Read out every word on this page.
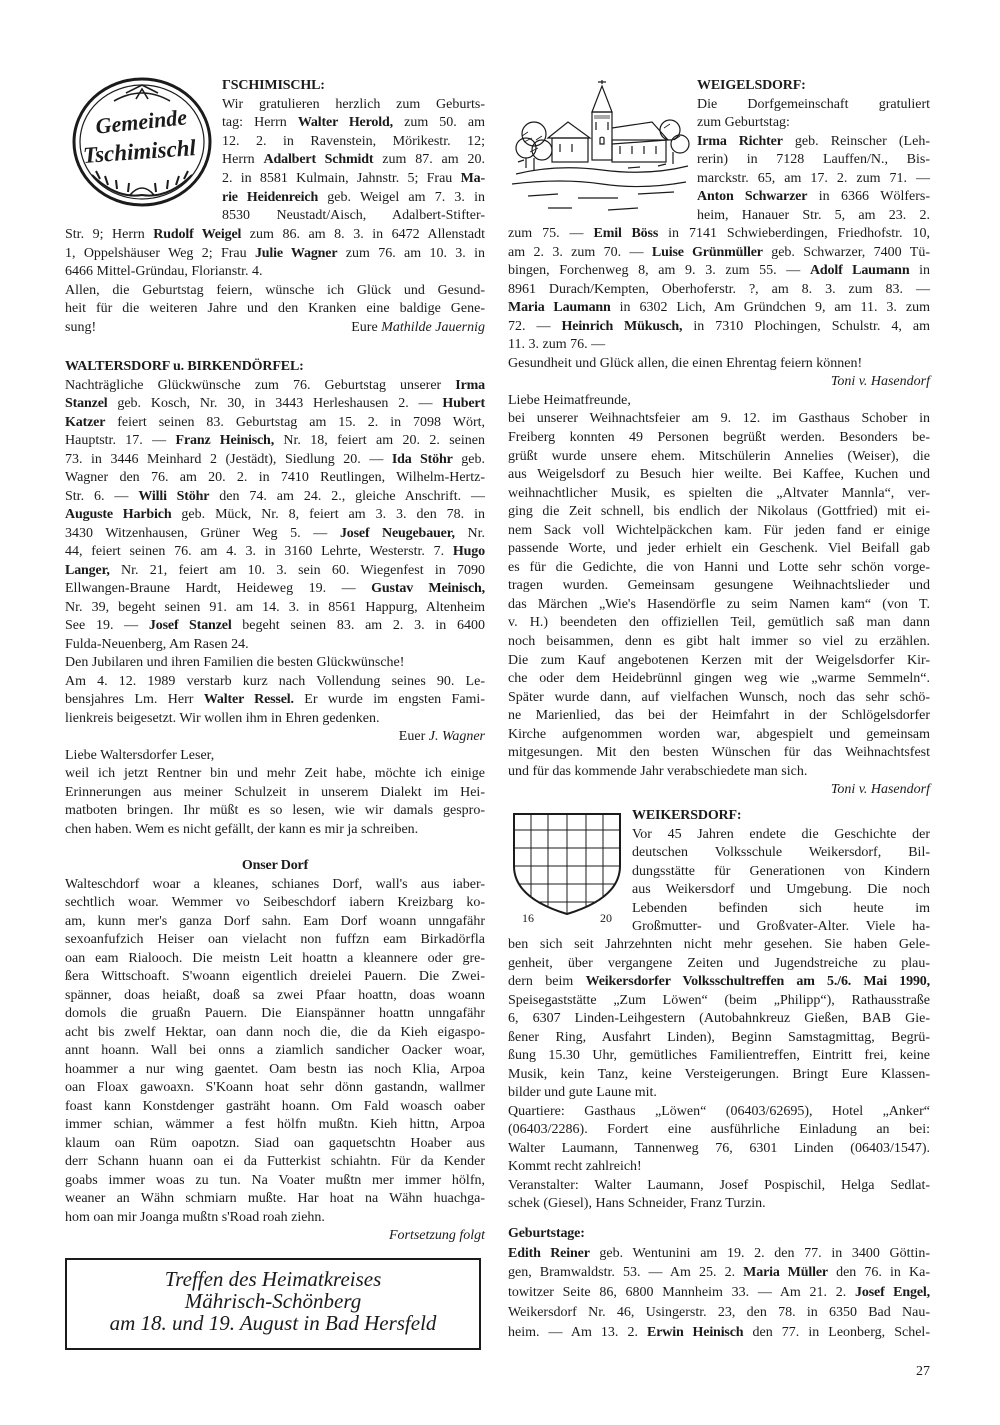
Gemeinde
Tschimischl
ΓSCHIMISCHL:
Wir gratulieren herzlich zum Geburts-
tag: Herrn Walter Herold, zum 50. am
12. 2. in Ravenstein, Mörikestr. 12;
Herrn Adalbert Schmidt zum 87. am 20.
2. in 8581 Kulmain, Jahnstr. 5; Frau Ma-
rie Heidenreich geb. Weigel am 7. 3. in
8530 Neustadt/Aisch, Adalbert-Stifter-
Str. 9; Herrn Rudolf Weigel zum 86. am 8. 3. in 6472 Allenstadt
1, Oppelshäuser Weg 2; Frau Julie Wagner zum 76. am 10. 3. in
6466 Mittel-Gründau, Florianstr. 4.
Allen, die Geburtstag feiern, wünsche ich Glück und Gesund-
heit für die weiteren Jahre und den Kranken eine baldige Gene-
sung!	Eure Mathilde Jauernig
WALTERSDORF u. BIRKENDÖRFEL:
Nachträgliche Glückwünsche zum 76. Geburtstag unserer Irma
Stanzel geb. Kosch, Nr. 30, in 3443 Herleshausen 2. — Hubert
Katzer feiert seinen 83. Geburtstag am 15. 2. in 7098 Wört,
Hauptstr. 17. — Franz Heinisch, Nr. 18, feiert am 20. 2. seinen
73. in 3446 Meinhard 2 (Jestädt), Siedlung 20. — Ida Stöhr geb.
Wagner den 76. am 20. 2. in 7410 Reutlingen, Wilhelm-Hertz-
Str. 6. — Willi Stöhr den 74. am 24. 2., gleiche Anschrift. —
Auguste Harbich geb. Mück, Nr. 8, feiert am 3. 3. den 78. in
3430 Witzenhausen, Grüner Weg 5. — Josef Neugebauer, Nr.
44, feiert seinen 76. am 4. 3. in 3160 Lehrte, Westerstr. 7. Hugo
Langer, Nr. 21, feiert am 10. 3. sein 60. Wiegenfest in 7090
Ellwangen-Braune Hardt, Heideweg 19. — Gustav Meinisch,
Nr. 39, begeht seinen 91. am 14. 3. in 8561 Happurg, Altenheim
See 19. — Josef Stanzel begeht seinen 83. am 2. 3. in 6400
Fulda-Neuenberg, Am Rasen 24.
Den Jubilaren und ihren Familien die besten Glückwünsche!
Am 4. 12. 1989 verstarb kurz nach Vollendung seines 90. Le-
bensjahres Lm. Herr Walter Ressel. Er wurde im engsten Fami-
lienkreis beigesetzt. Wir wollen ihm in Ehren gedenken.
Euer J. Wagner
Liebe Waltersdorfer Leser,
weil ich jetzt Rentner bin und mehr Zeit habe, möchte ich einige
Erinnerungen aus meiner Schulzeit in unserem Dialekt im Hei-
matboten bringen. Ihr müßt es so lesen, wie wir damals gespro-
chen haben. Wem es nicht gefällt, der kann es mir ja schreiben.
Onser Dorf
Walteschdorf woar a kleanes, schianes Dorf, wall's aus iaber-
sechtlich woar. Wemmer vo Seibeschdorf iabern Kreizbarg ko-
am, kunn mer's ganza Dorf sahn. Eam Dorf woann unngafähr
sexoanfufzich Heiser oan vielacht non fuffzn eam Birkadörfla
oan eam Rialooch. Die meistn Leit hoattn a kleannere oder gre-
ßera Wittschoaft. S'woann eigentlich dreielei Pauern. Die Zwei-
spänner, doas heiaßt, doaß sa zwei Pfaar hoattn, doas woann
domols die gruaßn Pauern. Die Eianspänner hoattn unngafähr
acht bis zwelf Hektar, oan dann noch die, die da Kieh eigaspo-
annt hoann. Wall bei onns a ziamlich sandicher Oacker woar,
hoammer a nur wing gaentet. Oam bestn ias noch Klia, Arpoa
oan Floax gawoaxn. S'Koann hoat sehr dönn gastandn, wallmer
foast kann Konstdenger gasträht hoann. Om Fald woasch oaber
immer schian, wämmer a fest hölfn mußtn. Kieh hittn, Arpoa
klaum oan Rüm oapotzn. Siad oan gaquetschtn Hoaber aus
derr Schann huann oan ei da Futterkist schiahtn. Für da Kender
goabs immer woas zu tun. Na Voater mußtn mer immer hölfn,
weaner an Wähn schmiarn mußte. Har hoat na Wähn huachga-
hom oan mir Joanga mußtn s'Road roah ziehn.
Fortsetzung folgt
Treffen des Heimatkreises
Mährisch-Schönberg
am 18. und 19. August in Bad Hersfeld
WEIGELSDORF:
Die Dorfgemeinschaft gratuliert
zum Geburtstag:
Irma Richter geb. Reinscher (Leh-
rerin) in 7128 Lauffen/N., Bis-
marckstr. 65, am 17. 2. zum 71. —
Anton Schwarzer in 6366 Wölfers-
heim, Hanauer Str. 5, am 23. 2.
zum 75. — Emil Böss in 7141 Schwieberdingen, Friedhofstr. 10,
am 2. 3. zum 70. — Luise Grünmüller geb. Schwarzer, 7400 Tü-
bingen, Forchenweg 8, am 9. 3. zum 55. — Adolf Laumann in
8961 Durach/Kempten, Oberhoferstr. ?, am 8. 3. zum 83. —
Maria Laumann in 6302 Lich, Am Gründchen 9, am 11. 3. zum
72. — Heinrich Mükusch, in 7310 Plochingen, Schulstr. 4, am
11. 3. zum 76. —
Gesundheit und Glück allen, die einen Ehrentag feiern können!
Toni v. Hasendorf
Liebe Heimatfreunde,
bei unserer Weihnachtsfeier am 9. 12. im Gasthaus Schober in
Freiberg konnten 49 Personen begrüßt werden. Besonders be-
grüßt wurde unsere ehem. Mitschülerin Annelies (Weiser), die
aus Weigelsdorf zu Besuch hier weilte. Bei Kaffee, Kuchen und
weihnachtlicher Musik, es spielten die „Altvater Mannla“, ver-
ging die Zeit schnell, bis endlich der Nikolaus (Gottfried) mit ei-
nem Sack voll Wichtelpäckchen kam. Für jeden fand er einige
passende Worte, und jeder erhielt ein Geschenk. Viel Beifall gab
es für die Gedichte, die von Hanni und Lotte sehr schön vorge-
tragen wurden. Gemeinsam gesungene Weihnachtslieder und
das Märchen „Wie's Hasendörfle zu seim Namen kam“ (von T.
v. H.) beendeten den offiziellen Teil, gemütlich saß man dann
noch beisammen, denn es gibt halt immer so viel zu erzählen.
Die zum Kauf angebotenen Kerzen mit der Weigelsdorfer Kir-
che oder dem Heidebrünnl gingen weg wie „warme Semmeln“.
Später wurde dann, auf vielfachen Wunsch, noch das sehr schö-
ne Marienlied, das bei der Heimfahrt in der Schlögelsdorfer
Kirche aufgenommen worden war, abgespielt und gemeinsam
mitgesungen. Mit den besten Wünschen für das Weihnachtsfest
und für das kommende Jahr verabschiedete man sich.
Toni v. Hasendorf
16	20
WEIKERSDORF:
Vor 45 Jahren endete die Geschichte der
deutschen Volksschule Weikersdorf, Bil-
dungsstätte für Generationen von Kindern
aus Weikersdorf und Umgebung. Die noch
Lebenden befinden sich heute im
Großmutter- und Großvater-Alter. Viele ha-
ben sich seit Jahrzehnten nicht mehr gesehen. Sie haben Gele-
genheit, über vergangene Zeiten und Jugendstreiche zu plau-
dern beim Weikersdorfer Volksschultreffen am 5./6. Mai 1990,
Speisegaststätte „Zum Löwen“ (beim „Philipp“), Rathausstraße
6, 6307 Linden-Leihgestern (Autobahnkreuz Gießen, BAB Gie-
ßener Ring, Ausfahrt Linden), Beginn Samstagmittag, Begrü-
ßung 15.30 Uhr, gemütliches Familientreffen, Eintritt frei, keine
Musik, kein Tanz, keine Versteigerungen. Bringt Eure Klassen-
bilder und gute Laune mit.
Quartiere: Gasthaus „Löwen“ (06403/62695), Hotel „Anker“
(06403/2286). Fordert eine ausführliche Einladung an bei:
Walter Laumann, Tannenweg 76, 6301 Linden (06403/1547).
Kommt recht zahlreich!
Veranstalter: Walter Laumann, Josef Pospischil, Helga Sedlat-
schek (Giesel), Hans Schneider, Franz Turzin.
Geburtstage:
Edith Reiner geb. Wentunini am 19. 2. den 77. in 3400 Göttin-
gen, Bramwaldstr. 53. — Am 25. 2. Maria Müller den 76. in Ka-
towitzer Seite 86, 6800 Mannheim 33. — Am 21. 2. Josef Engel,
Weikersdorf Nr. 46, Usingerstr. 23, den 78. in 6350 Bad Nau-
heim. — Am 13. 2. Erwin Heinisch den 77. in Leonberg, Schel-
27
